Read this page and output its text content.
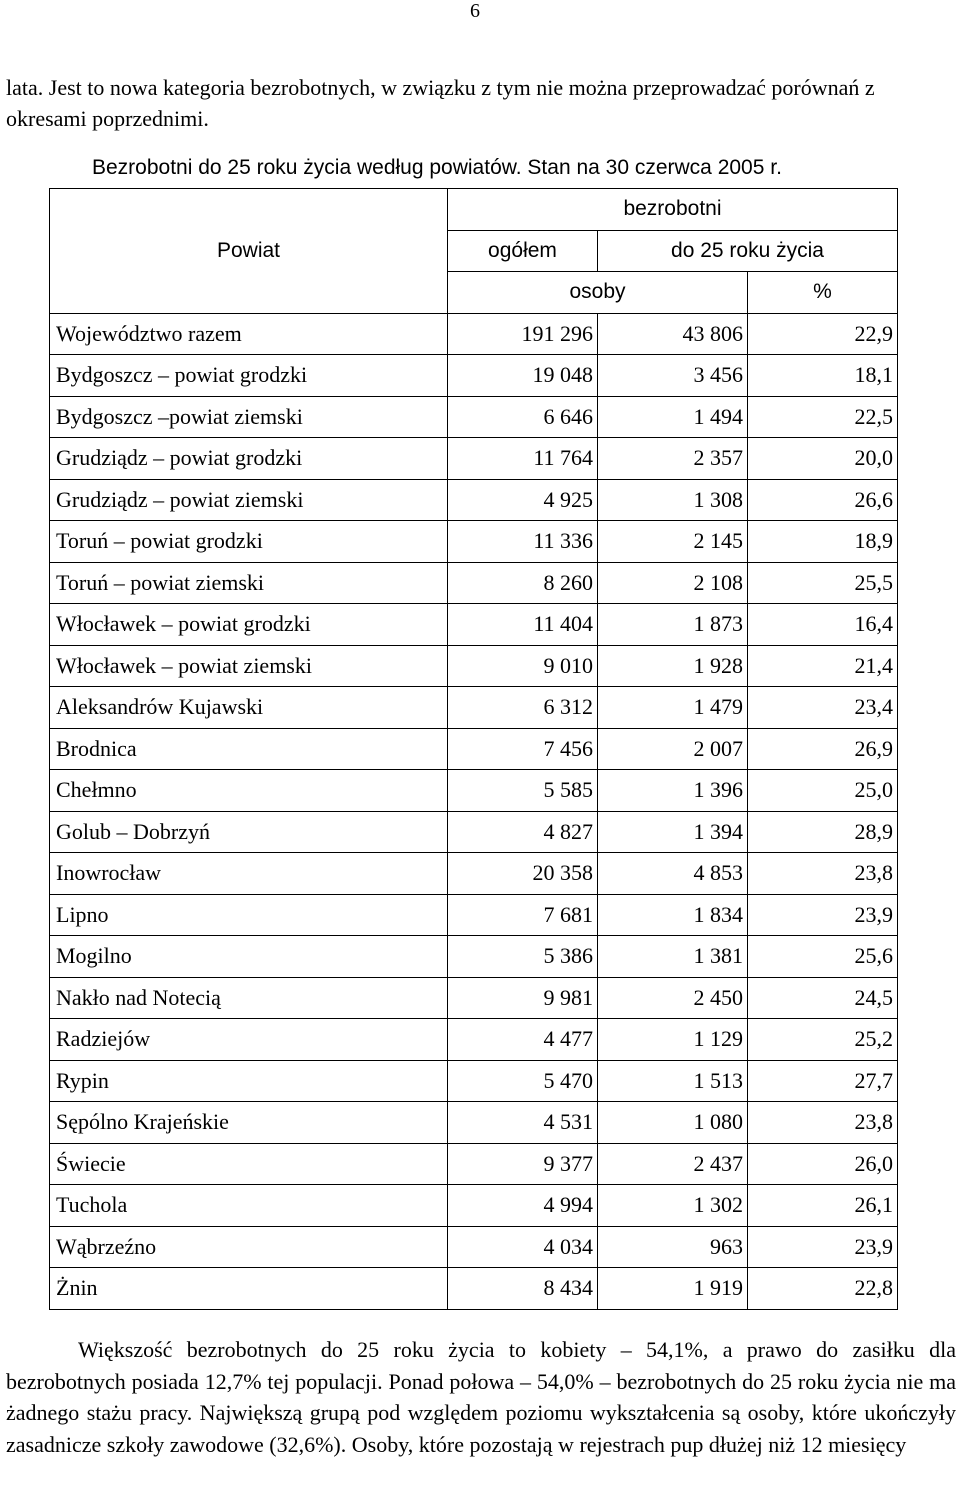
6

lata. Jest to nowa kategoria bezrobotnych, w związku z tym nie można przeprowadzać porównań z okresami poprzednimi.

Bezrobotni do 25 roku życia według powiatów. Stan na 30 czerwca 2005 r.
Powiat	bezrobotni		
	ogółem	do 25 roku życia	
	osoby		%
Województwo razem	191 296	43 806	22,9
Bydgoszcz – powiat grodzki	19 048	3 456	18,1
Bydgoszcz –powiat ziemski	6 646	1 494	22,5
Grudziądz – powiat grodzki	11 764	2 357	20,0
Grudziądz – powiat ziemski	4 925	1 308	26,6
Toruń – powiat grodzki	11 336	2 145	18,9
Toruń – powiat ziemski	8 260	2 108	25,5
Włocławek – powiat grodzki	11 404	1 873	16,4
Włocławek – powiat ziemski	9 010	1 928	21,4
Aleksandrów Kujawski	6 312	1 479	23,4
Brodnica	7 456	2 007	26,9
Chełmno	5 585	1 396	25,0
Golub – Dobrzyń	4 827	1 394	28,9
Inowrocław	20 358	4 853	23,8
Lipno	7 681	1 834	23,9
Mogilno	5 386	1 381	25,6
Nakło nad Notecią	9 981	2 450	24,5
Radziejów	4 477	1 129	25,2
Rypin	5 470	1 513	27,7
Sępólno Krajeńskie	4 531	1 080	23,8
Świecie	9 377	2 437	26,0
Tuchola	4 994	1 302	26,1
Wąbrzeźno	4 034	963	23,9
Żnin	8 434	1 919	22,8

Większość bezrobotnych do 25 roku życia to kobiety – 54,1%, a prawo do zasiłku dla bezrobotnych posiada 12,7% tej populacji. Ponad połowa – 54,0% – bezrobotnych do 25 roku życia nie ma żadnego stażu pracy. Największą grupą pod względem poziomu wykształcenia są osoby, które ukończyły zasadnicze szkoły zawodowe (32,6%). Osoby, które pozostają w rejestrach pup dłużej niż 12 miesięcy
